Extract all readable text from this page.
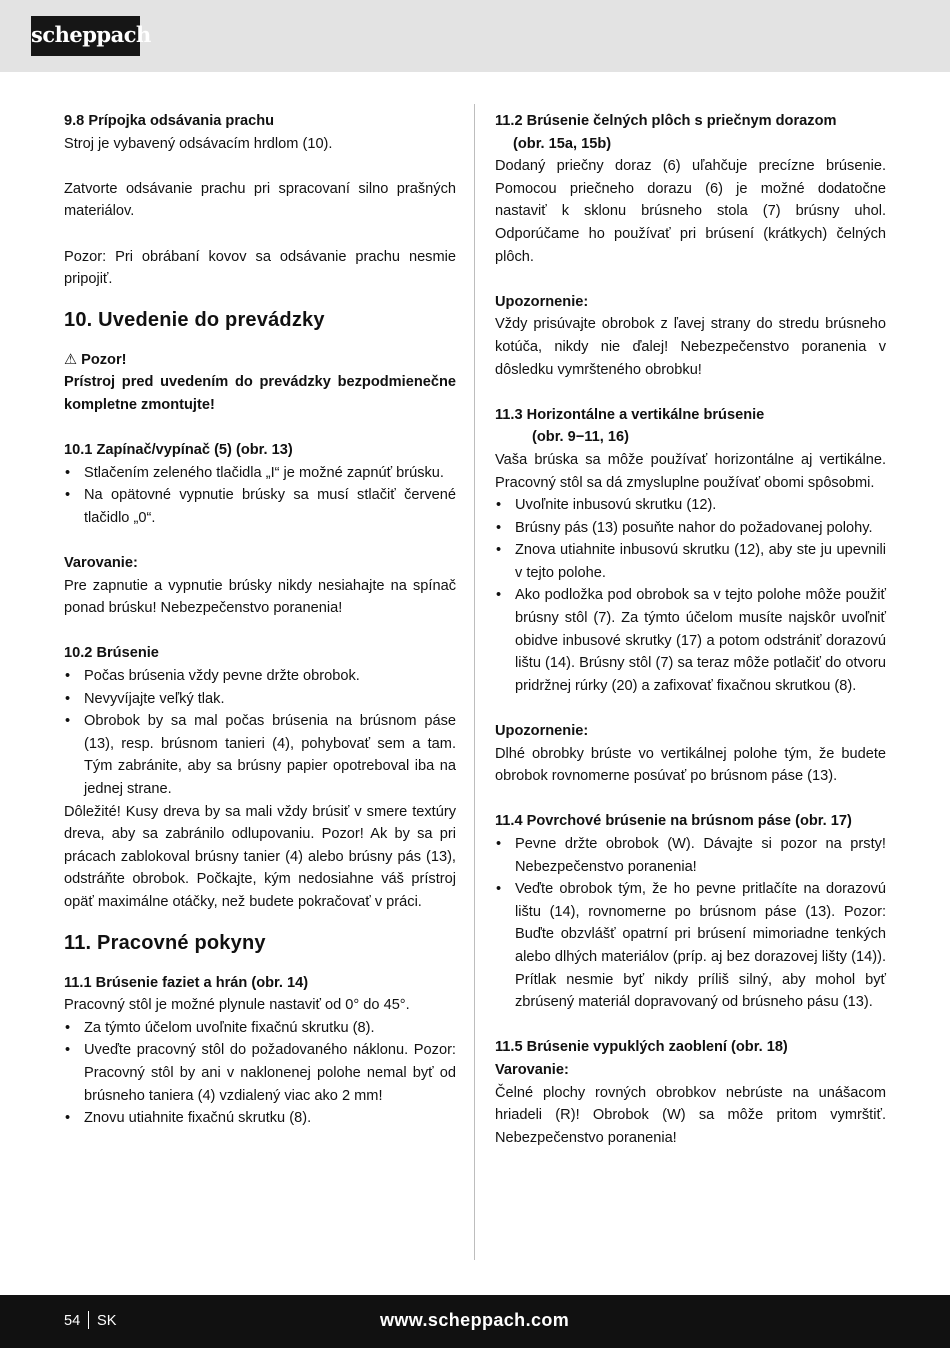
scheppach

9.8 Prípojka odsávania prachu

Stroj je vybavený odsávacím hrdlom (10).

Zatvorte odsávanie prachu pri spracovaní silno prašných materiálov.

Pozor: Pri obrábaní kovov sa odsávanie prachu nesmie pripojiť.

10. Uvedenie do prevádzky

⚠ Pozor!

Prístroj pred uvedením do prevádzky bezpodmienečne kompletne zmontujte!

10.1 Zapínač/vypínač (5) (obr. 13)

• Stlačením zeleného tlačidla „I“ je možné zapnúť brúsku.
• Na opätovné vypnutie brúsky sa musí stlačiť červené tlačidlo „0“.

Varovanie:

Pre zapnutie a vypnutie brúsky nikdy nesiahajte na spínač ponad brúsku! Nebezpečenstvo poranenia!

10.2 Brúsenie

• Počas brúsenia vždy pevne držte obrobok.
• Nevyvíjajte veľký tlak.
• Obrobok by sa mal počas brúsenia na brúsnom páse (13), resp. brúsnom tanieri (4), pohybovať sem a tam. Tým zabránite, aby sa brúsny papier opotreboval iba na jednej strane.

Dôležité! Kusy dreva by sa mali vždy brúsiť v smere textúry dreva, aby sa zabránilo odlupovaniu. Pozor! Ak by sa pri prácach zablokoval brúsny tanier (4) alebo brúsny pás (13), odstráňte obrobok. Počkajte, kým nedosiahne váš prístroj opäť maximálne otáčky, než budete pokračovať v práci.

11. Pracovné pokyny

11.1 Brúsenie faziet a hrán (obr. 14)

Pracovný stôl je možné plynule nastaviť od 0° do 45°.

• Za týmto účelom uvoľnite fixačnú skrutku (8).
• Uveďte pracovný stôl do požadovaného náklonu. Pozor: Pracovný stôl by ani v naklonenej polohe nemal byť od brúsneho taniera (4) vzdialený viac ako 2 mm!
• Znovu utiahnite fixačnú skrutku (8).

11.2 Brúsenie čelných plôch s priečnym dorazom

(obr. 15a, 15b)

Dodaný priečny doraz (6) uľahčuje precízne brúsenie. Pomocou priečneho dorazu (6) je možné dodatočne nastaviť k sklonu brúsneho stola (7) brúsny uhol. Odporúčame ho používať pri brúsení (krátkych) čelných plôch.

Upozornenie:

Vždy prisúvajte obrobok z ľavej strany do stredu brúsneho kotúča, nikdy nie ďalej! Nebezpečenstvo poranenia v dôsledku vymršteného obrobku!

11.3 Horizontálne a vertikálne brúsenie

(obr. 9−11, 16)

Vaša brúska sa môže používať horizontálne aj vertikálne. Pracovný stôl sa dá zmysluplne používať obomi spôsobmi.

• Uvoľnite inbusovú skrutku (12).
• Brúsny pás (13) posuňte nahor do požadovanej polohy.
• Znova utiahnite inbusovú skrutku (12), aby ste ju upevnili v tejto polohe.
• Ako podložka pod obrobok sa v tejto polohe môže použiť brúsny stôl (7). Za týmto účelom musíte najskôr uvoľniť obidve inbusové skrutky (17) a potom odstrániť dorazovú lištu (14). Brúsny stôl (7) sa teraz môže potlačiť do otvoru pridržnej rúrky (20) a zafixovať fixačnou skrutkou (8).

Upozornenie:

Dlhé obrobky brúste vo vertikálnej polohe tým, že budete obrobok rovnomerne posúvať po brúsnom páse (13).

11.4 Povrchové brúsenie na brúsnom páse (obr. 17)

• Pevne držte obrobok (W). Dávajte si pozor na prsty! Nebezpečenstvo poranenia!
• Veďte obrobok tým, že ho pevne pritlačíte na dorazovú lištu (14), rovnomerne po brúsnom páse (13). Pozor: Buďte obzvlášť opatrní pri brúsení mimoriadne tenkých alebo dlhých materiálov (príp. aj bez dorazovej lišty (14)). Prítlak nesmie byť nikdy príliš silný, aby mohol byť zbrúsený materiál dopravovaný od brúsneho pásu (13).

11.5 Brúsenie vypuklých zaoblení (obr. 18)

Varovanie:

Čelné plochy rovných obrobkov nebrúste na unášacom hriadeli (R)! Obrobok (W) sa môže pritom vymrštiť. Nebezpečenstvo poranenia!

54 SK	www.scheppach.com
